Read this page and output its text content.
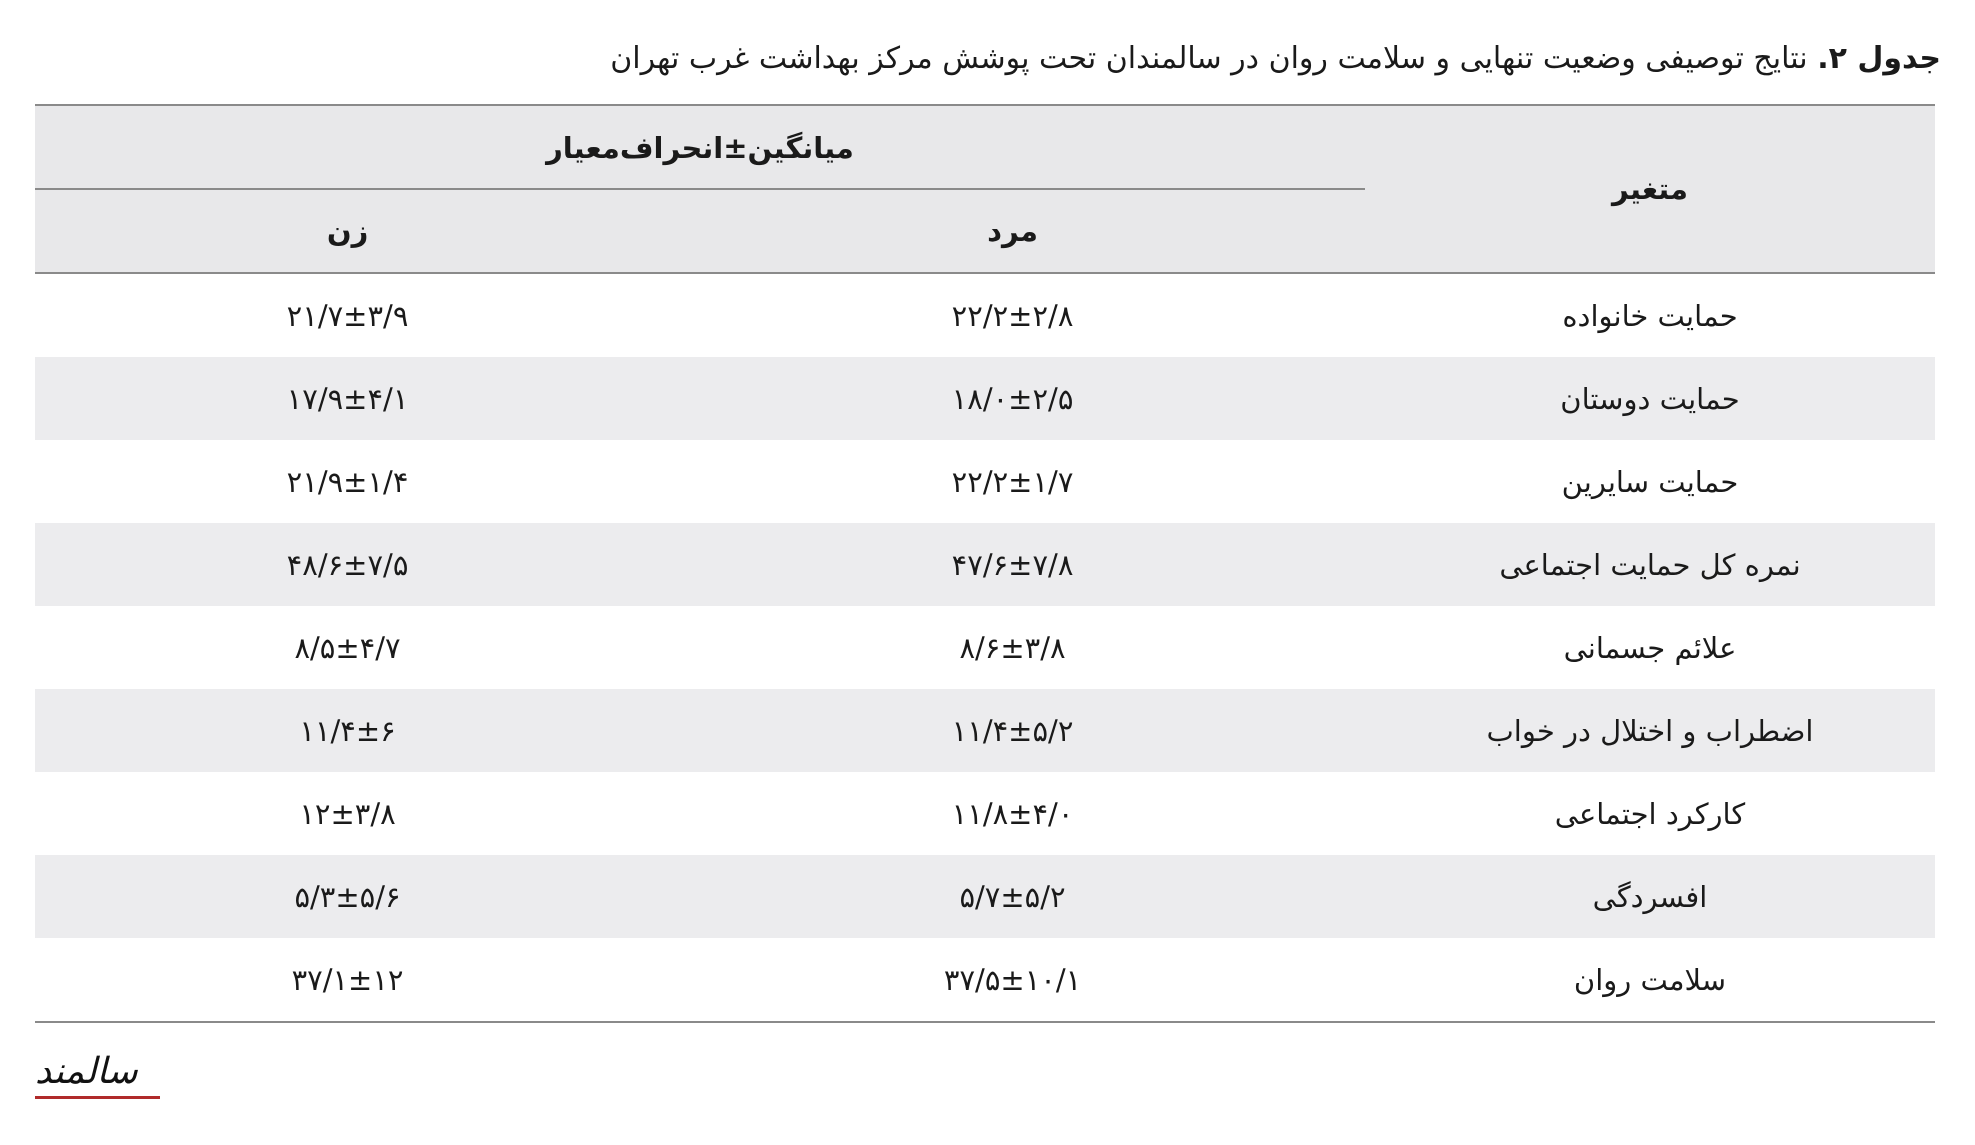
جدول ۲. نتایج توصیفی وضعیت تنهایی و سلامت روان در سالمندان تحت پوشش مرکز بهداشت غرب تهران
متغیر	میانگین±انحراف‌معیار	

	مرد	زن
حمایت خانواده	۲۲/۲±۲/۸	۲۱/۷±۳/۹
حمایت دوستان	۱۸/۰±۲/۵	۱۷/۹±۴/۱
حمایت سایرین	۲۲/۲±۱/۷	۲۱/۹±۱/۴
نمره کل حمایت اجتماعی	۴۷/۶±۷/۸	۴۸/۶±۷/۵
علائم جسمانی	۸/۶±۳/۸	۸/۵±۴/۷
اضطراب و اختلال در خواب	۱۱/۴±۵/۲	۱۱/۴±۶
کارکرد اجتماعی	۱۱/۸±۴/۰	۱۲±۳/۸
افسردگی	۵/۷±۵/۲	۵/۳±۵/۶
سلامت روان	۳۷/۵±۱۰/۱	۳۷/۱±۱۲
سالمند
